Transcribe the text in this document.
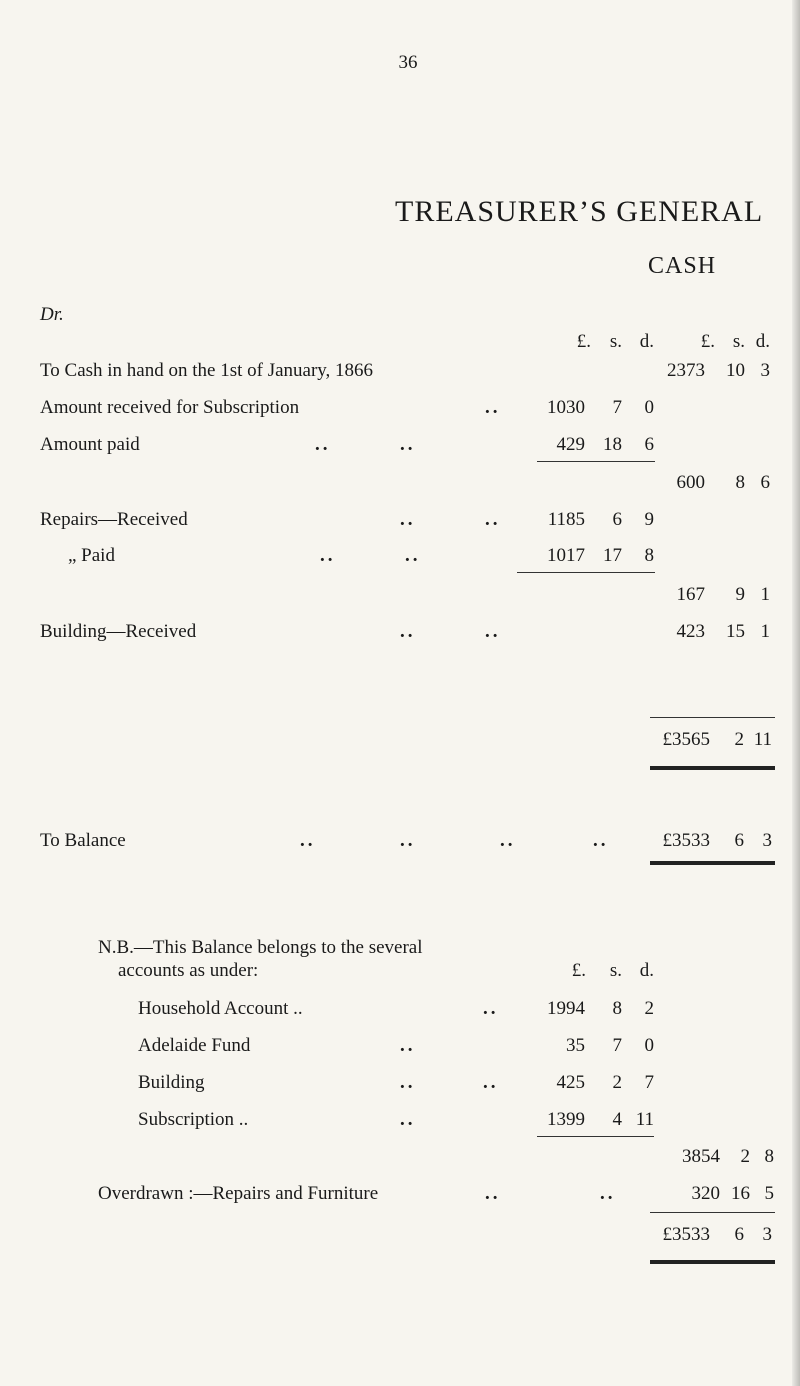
36
TREASURER’S GENERAL
CASH
Dr.
£. s. d.	£. s. d.
To Cash in hand on the 1st of January, 1866	2373	10 3
Amount received for Subscription	..	1030	7	0
Amount paid	..	..	429 18	6
600	8 6
Repairs—Received	..	..	1185	6	9
„ Paid	..	..	1017 17	8
167	9 1
Building—Received	..	..	423	15 1
£3565	2 11
To Balance	..	..	..	..	£3533	6 3
N.B.—This Balance belongs to the several
accounts as under:	£.	s. d.
Household Account ..	..	1994	8	2
Adelaide Fund	..	35	7	0
Building	..	..	425	2	7
Subscription ..	..	1399	4 11
3854	2 8
Overdrawn :—Repairs and Furniture	..	..	320 16 5
£3533	6 3
